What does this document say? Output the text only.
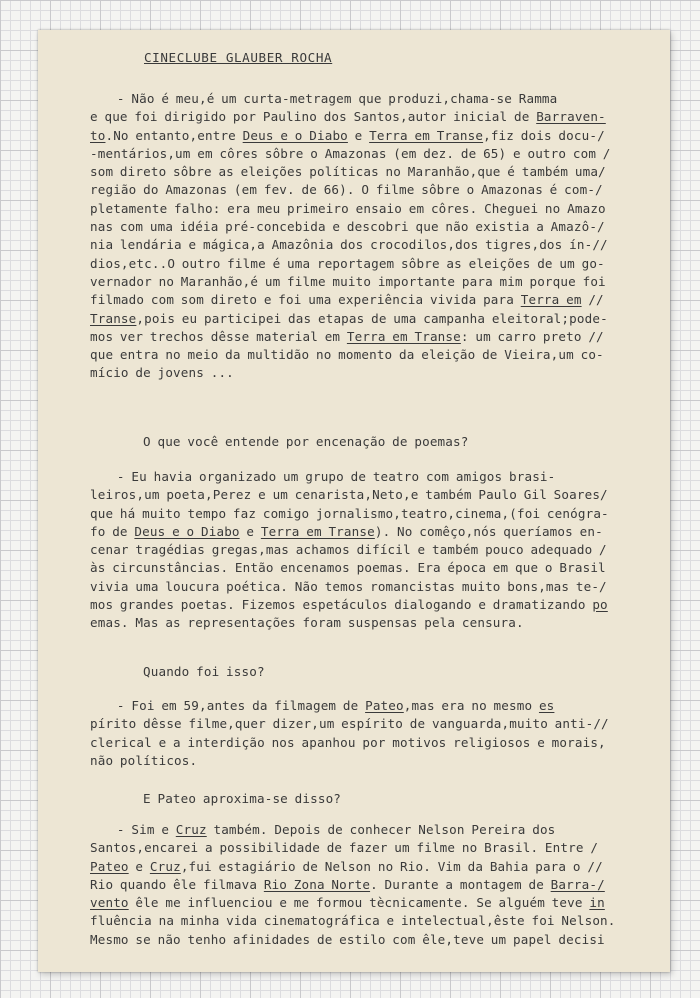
CINECLUBE GLAUBER ROCHA
- Não é meu,é um curta-metragem que produzi,chama-se Ramma
e que foi dirigido por Paulino dos Santos,autor inicial de Barraven-
to.No entanto,entre Deus e o Diabo e Terra em Transe,fiz dois docu-/
-mentários,um em côres sôbre o Amazonas (em dez. de 65) e outro com /
som direto sôbre as eleições políticas no Maranhão,que é também uma/
região do Amazonas (em fev. de 66). O filme sôbre o Amazonas é com-/
pletamente falho: era meu primeiro ensaio em côres. Cheguei no Amazo
nas com uma idéia pré-concebida e descobri que não existia a Amazô-/
nia lendária e mágica,a Amazônia dos crocodilos,dos tigres,dos ín-//
dios,etc..O outro filme é uma reportagem sôbre as eleições de um go-
vernador no Maranhão,é um filme muito importante para mim porque foi
filmado com som direto e foi uma experiência vivida para Terra em //
Transe,pois eu participei das etapas de uma campanha eleitoral;pode-
mos ver trechos dêsse material em Terra em Transe: um carro preto //
que entra no meio da multidão no momento da eleição de Vieira,um co-
mício de jovens ...
O que você entende por encenação de poemas?
- Eu havia organizado um grupo de teatro com amigos brasi-
leiros,um poeta,Perez e um cenarista,Neto,e também Paulo Gil Soares/
que há muito tempo faz comigo jornalismo,teatro,cinema,(foi cenógra-
fo de Deus e o Diabo e Terra em Transe). No comêço,nós queríamos en-
cenar tragédias gregas,mas achamos difícil e também pouco adequado /
às circunstâncias. Então encenamos poemas. Era época em que o Brasil
vivia uma loucura poética. Não temos romancistas muito bons,mas te-/
mos grandes poetas. Fizemos espetáculos dialogando e dramatizando po
emas. Mas as representações foram suspensas pela censura.
Quando foi isso?
- Foi em 59,antes da filmagem de Pateo,mas era no mesmo es
pírito dêsse filme,quer dizer,um espírito de vanguarda,muito anti-//
clerical e a interdição nos apanhou por motivos religiosos e morais,
não políticos.
E Pateo aproxima-se disso?
- Sim e Cruz também. Depois de conhecer Nelson Pereira dos
Santos,encarei a possibilidade de fazer um filme no Brasil. Entre /
Pateo e Cruz,fui estagiário de Nelson no Rio. Vim da Bahia para o //
Rio quando êle filmava Rio Zona Norte. Durante a montagem de Barra-/
vento êle me influenciou e me formou tècnicamente. Se alguém teve in
fluência na minha vida cinematográfica e intelectual,êste foi Nelson.
Mesmo se não tenho afinidades de estilo com êle,teve um papel decisi
